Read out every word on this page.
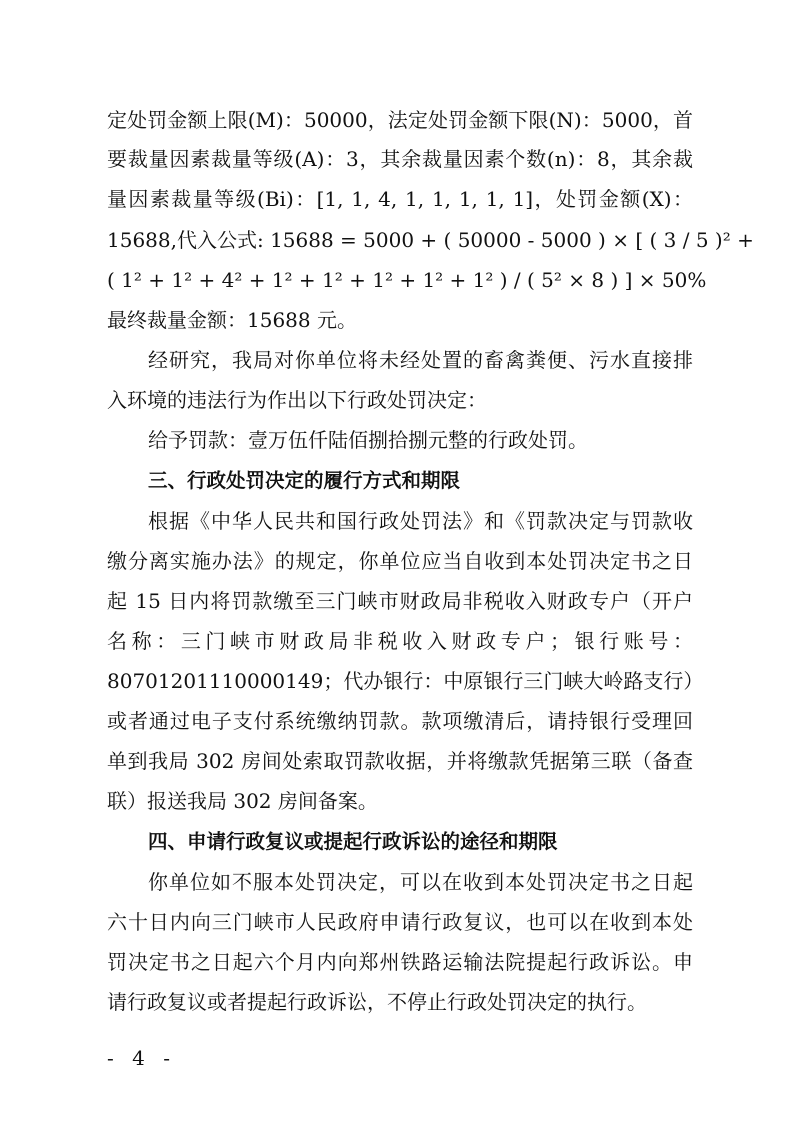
定处罚金额上限(M)：50000，法定处罚金额下限(N)：5000，首
要裁量因素裁量等级(A)：3，其余裁量因素个数(n)：8，其余裁
量因素裁量等级(Bi)：[1, 1, 4, 1, 1, 1, 1, 1]，处罚金额(X)：
15688,代入公式: 15688 = 5000 + ( 50000 - 5000 ) × [ ( 3 / 5 )² +
( 1² + 1² + 4² + 1² + 1² + 1² + 1² + 1² ) / ( 5² × 8 ) ] × 50%
最终裁量金额：15688 元。
经研究，我局对你单位将未经处置的畜禽粪便、污水直接排
入环境的违法行为作出以下行政处罚决定：
给予罚款：壹万伍仟陆佰捌拾捌元整的行政处罚。
三、行政处罚决定的履行方式和期限
根据《中华人民共和国行政处罚法》和《罚款决定与罚款收
缴分离实施办法》的规定，你单位应当自收到本处罚决定书之日
起 15 日内将罚款缴至三门峡市财政局非税收入财政专户（开户
名称：三门峡市财政局非税收入财政专户；银行账号：
80701201110000149；代办银行：中原银行三门峡大岭路支行）
或者通过电子支付系统缴纳罚款。款项缴清后，请持银行受理回
单到我局 302 房间处索取罚款收据，并将缴款凭据第三联（备查
联）报送我局 302 房间备案。
四、申请行政复议或提起行政诉讼的途径和期限
你单位如不服本处罚决定，可以在收到本处罚决定书之日起
六十日内向三门峡市人民政府申请行政复议，也可以在收到本处
罚决定书之日起六个月内向郑州铁路运输法院提起行政诉讼。申
请行政复议或者提起行政诉讼，不停止行政处罚决定的执行。
- 4 -
